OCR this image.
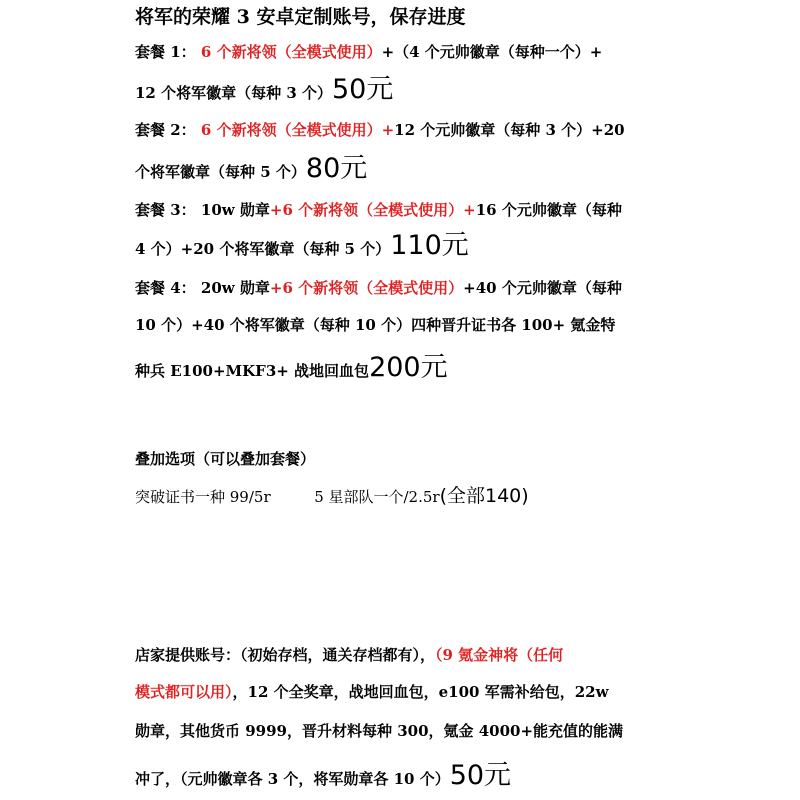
将军的荣耀 3 安卓定制账号，保存进度
套餐 1： 6 个新将领（全模式使用）+（4 个元帅徽章（每种一个）+
12 个将军徽章（每种 3 个）50元
套餐 2： 6 个新将领（全模式使用）+12 个元帅徽章（每种 3 个）+20
个将军徽章（每种 5 个）80元
套餐 3： 10w 勋章+6 个新将领（全模式使用）+16 个元帅徽章（每种
4 个）+20 个将军徽章（每种 5 个）110元
套餐 4： 20w 勋章+6 个新将领（全模式使用）+40 个元帅徽章（每种
10 个）+40 个将军徽章（每种 10 个）四种晋升证书各 100+ 氪金特
种兵 E100+MKF3+ 战地回血包200元
叠加选项（可以叠加套餐）
突破证书一种 99/5r	5 星部队一个/2.5r(全部140)
店家提供账号：（初始存档，通关存档都有），（9 氪金神将（任何
模式都可以用），12 个全奖章，战地回血包，e100 军需补给包，22w
勋章，其他货币 9999，晋升材料每种 300，氪金 4000+能充值的能满
冲了，（元帅徽章各 3 个，将军勋章各 10 个）50元
